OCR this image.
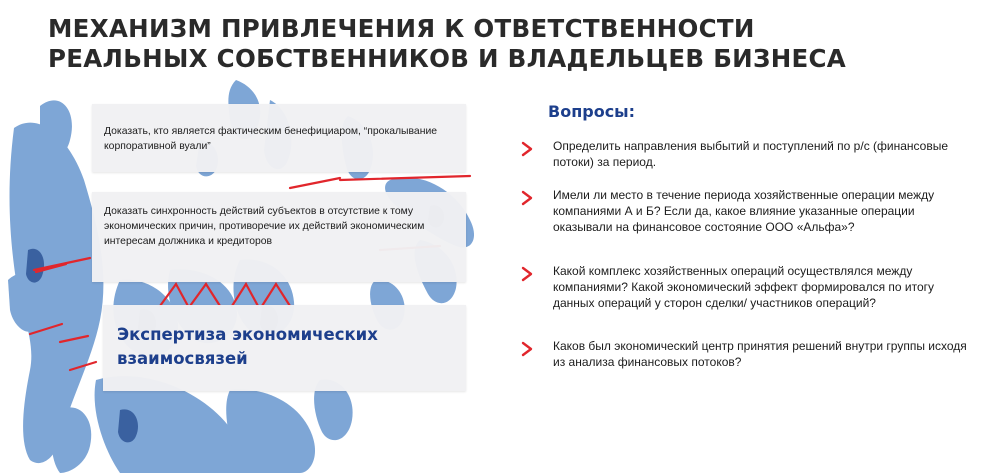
МЕХАНИЗМ ПРИВЛЕЧЕНИЯ К ОТВЕТСТВЕННОСТИ
РЕАЛЬНЫХ СОБСТВЕННИКОВ И ВЛАДЕЛЬЦЕВ БИЗНЕСА
Доказать, кто является фактическим бенефициаром, “прокалывание корпоративной вуали”
Доказать синхронность действий субъектов в отсутствие к тому экономических причин, противоречие их действий экономическим интересам должника и кредиторов
Экспертиза экономических взаимосвязей
Вопросы:
Определить направления выбытий и поступлений по р/с (финансовые потоки) за период.
Имели ли место в течение периода хозяйственные операции между компаниями А и Б? Если да, какое влияние указанные операции оказывали на финансовое состояние ООО «Альфа»?
Какой комплекс хозяйственных операций осуществлялся между компаниями? Какой экономический эффект формировался по итогу данных операций у сторон сделки/ участников операций?
Каков был экономический центр принятия решений внутри группы исходя из анализа финансовых потоков?
